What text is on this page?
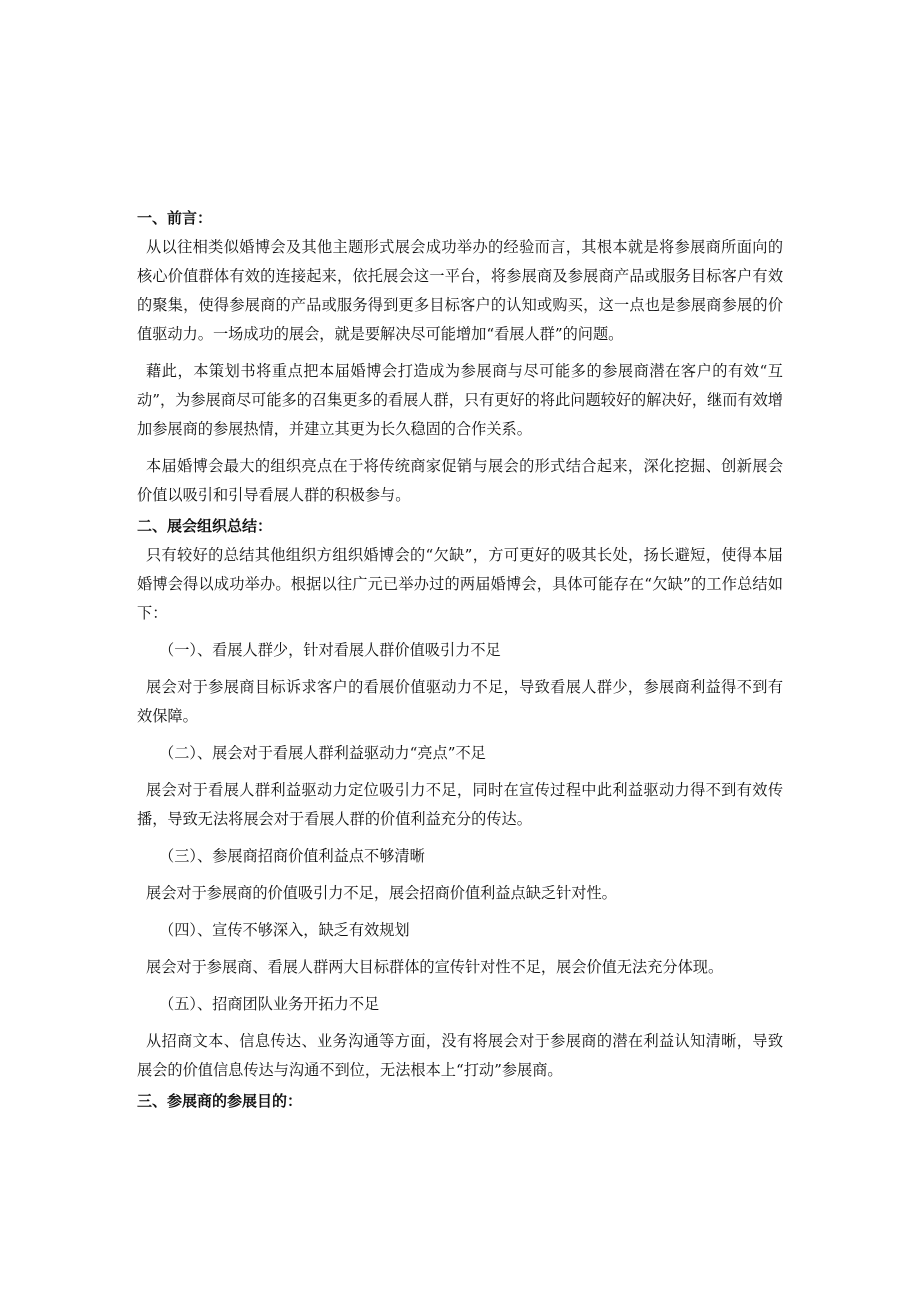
一、前言：

从以往相类似婚博会及其他主题形式展会成功举办的经验而言，其根本就是将参展商所面向的核心价值群体有效的连接起来，依托展会这一平台，将参展商及参展商产品或服务目标客户有效的聚集，使得参展商的产品或服务得到更多目标客户的认知或购买，这一点也是参展商参展的价值驱动力。一场成功的展会，就是要解决尽可能增加“看展人群”的问题。

藉此，本策划书将重点把本届婚博会打造成为参展商与尽可能多的参展商潜在客户的有效“互动”，为参展商尽可能多的召集更多的看展人群，只有更好的将此问题较好的解决好，继而有效增加参展商的参展热情，并建立其更为长久稳固的合作关系。

本届婚博会最大的组织亮点在于将传统商家促销与展会的形式结合起来，深化挖掘、创新展会价值以吸引和引导看展人群的积极参与。

二、展会组织总结：

只有较好的总结其他组织方组织婚博会的“欠缺”，方可更好的吸其长处，扬长避短，使得本届婚博会得以成功举办。根据以往广元已举办过的两届婚博会，具体可能存在“欠缺”的工作总结如下：

（一）、看展人群少，针对看展人群价值吸引力不足

展会对于参展商目标诉求客户的看展价值驱动力不足，导致看展人群少，参展商利益得不到有效保障。

（二）、展会对于看展人群利益驱动力“亮点”不足

展会对于看展人群利益驱动力定位吸引力不足，同时在宣传过程中此利益驱动力得不到有效传播，导致无法将展会对于看展人群的价值利益充分的传达。

（三）、参展商招商价值利益点不够清晰

展会对于参展商的价值吸引力不足，展会招商价值利益点缺乏针对性。

（四）、宣传不够深入，缺乏有效规划

展会对于参展商、看展人群两大目标群体的宣传针对性不足，展会价值无法充分体现。

（五）、招商团队业务开拓力不足

从招商文本、信息传达、业务沟通等方面，没有将展会对于参展商的潜在利益认知清晰，导致展会的价值信息传达与沟通不到位，无法根本上“打动”参展商。

三、参展商的参展目的：
